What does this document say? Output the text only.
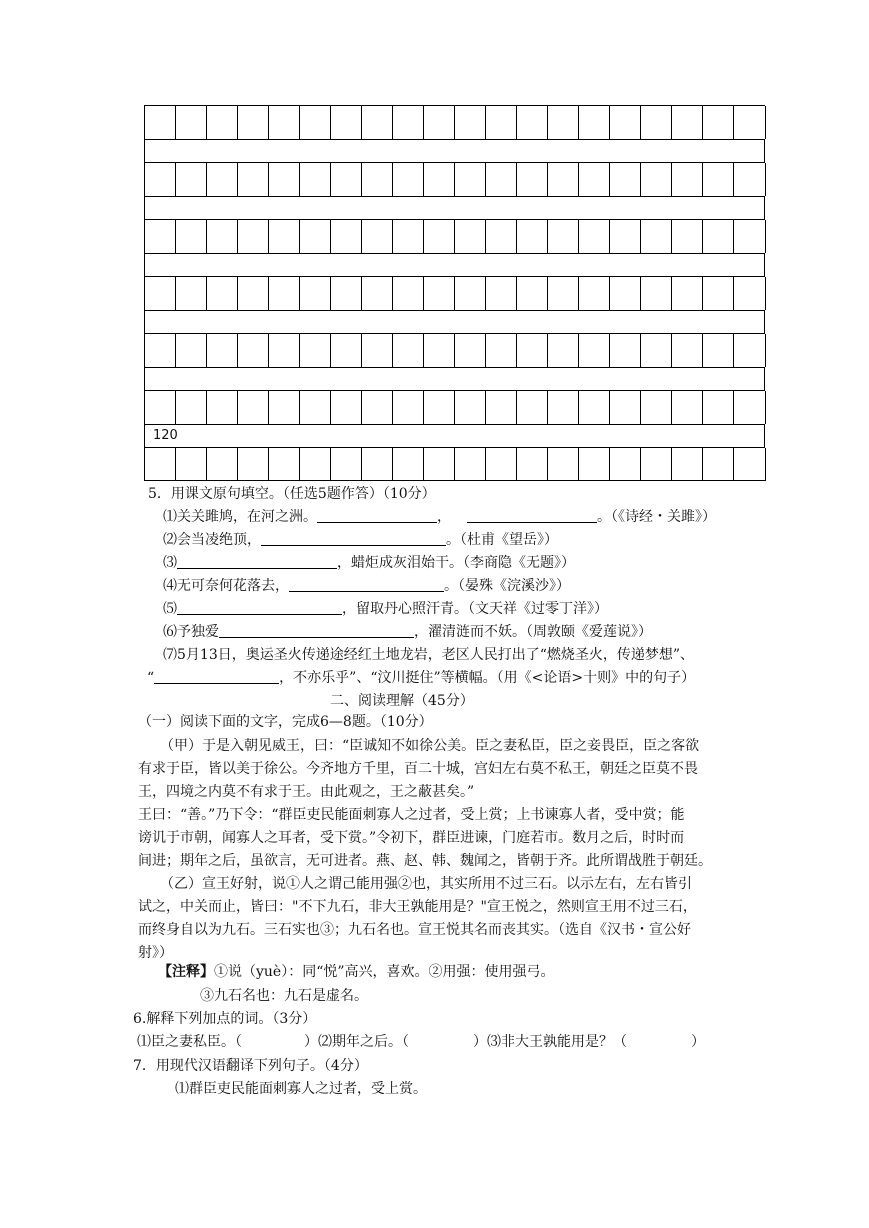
120
5．用课文原句填空。（任选5题作答）（10分）
⑴关关雎鸠，在河之洲。	，	。（《诗经・关雎》）
⑵会当凌绝顶，	。（杜甫《望岳》）
⑶	，蜡炬成灰泪始干。（李商隐《无题》）
⑷无可奈何花落去，	。（晏殊《浣溪沙》）
⑸	，留取丹心照汗青。（文天祥《过零丁洋》）
⑹予独爱	，濯清涟而不妖。（周敦颐《爱莲说》）
⑺5月13日，奥运圣火传递途经红土地龙岩，老区人民打出了“燃烧圣火，传递梦想”、
“	，不亦乐乎”、“汶川挺住”等横幅。（用《<论语>十则》中的句子）
二、阅读理解（45分）
（一）阅读下面的文字，完成6—8题。（10分）
（甲）于是入朝见威王，曰：“臣诚知不如徐公美。臣之妻私臣，臣之妾畏臣，臣之客欲
有求于臣，皆以美于徐公。今齐地方千里，百二十城，宫妇左右莫不私王，朝廷之臣莫不畏
王，四境之内莫不有求于王。由此观之，王之蔽甚矣。”
王曰：“善。”乃下令：“群臣吏民能面刺寡人之过者，受上赏；上书谏寡人者，受中赏；能
谤讥于市朝，闻寡人之耳者，受下赏。”令初下，群臣进谏，门庭若市。数月之后，时时而
间进；期年之后，虽欲言，无可进者。燕、赵、韩、魏闻之，皆朝于齐。此所谓战胜于朝廷。
（乙）宣王好射，说①人之谓己能用强②也，其实所用不过三石。以示左右，左右皆引
试之，中关而止，皆曰："不下九石，非大王孰能用是？"宣王悦之，然则宣王用不过三石，
而终身自以为九石。三石实也③；九石名也。宣王悦其名而丧其实。（选自《汉书・宣公好
射》）
【注释】①说（yuè）：同“悦”高兴，喜欢。②用强：使用强弓。
③九石名也：九石是虚名。
6.解释下列加点的词。（3分）
⑴臣之妻私臣。（	）⑵期年之后。（	）⑶非大王孰能用是？（	）
7．用现代汉语翻译下列句子。（4分）
⑴群臣吏民能面刺寡人之过者，受上赏。
